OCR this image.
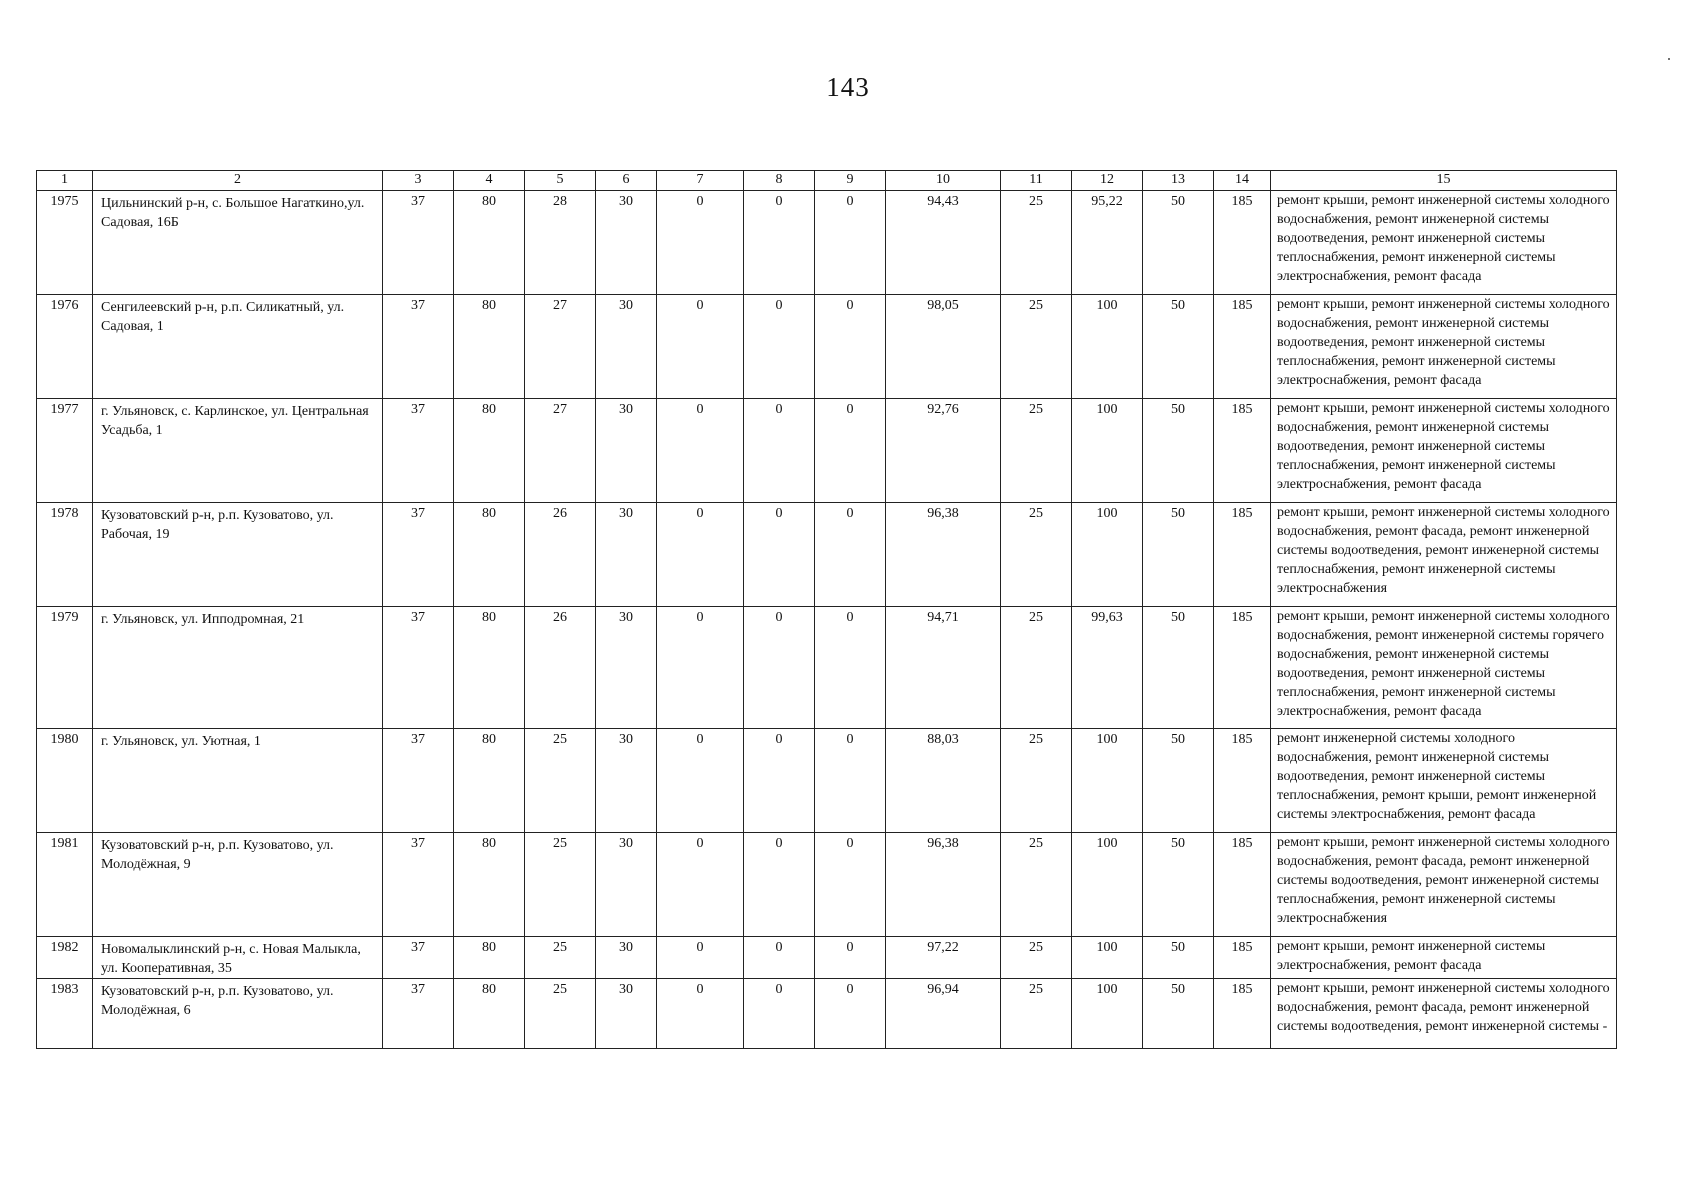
143
1	2	3	4	5	6	7	8	9	10	11	12	13	14	15
1975	Цильнинский р-н, с. Большое Нагаткино,ул. Садовая, 16Б	37	80	28	30	0	0	0	94,43	25	95,22	50	185	ремонт крыши, ремонт инженерной системы холодного водоснабжения, ремонт инженерной системы водоотведения, ремонт инженерной системы теплоснабжения, ремонт инженерной системы электроснабжения, ремонт фасада
1976	Сенгилеевский р-н, р.п. Силикатный, ул. Садовая, 1	37	80	27	30	0	0	0	98,05	25	100	50	185	ремонт крыши, ремонт инженерной системы холодного водоснабжения, ремонт инженерной системы водоотведения, ремонт инженерной системы теплоснабжения, ремонт инженерной системы электроснабжения, ремонт фасада
1977	г. Ульяновск, с. Карлинское, ул. Центральная Усадьба, 1	37	80	27	30	0	0	0	92,76	25	100	50	185	ремонт крыши, ремонт инженерной системы холодного водоснабжения, ремонт инженерной системы водоотведения, ремонт инженерной системы теплоснабжения, ремонт инженерной системы электроснабжения, ремонт фасада
1978	Кузоватовский р-н, р.п. Кузоватово, ул. Рабочая, 19	37	80	26	30	0	0	0	96,38	25	100	50	185	ремонт крыши, ремонт инженерной системы холодного водоснабжения, ремонт фасада, ремонт инженерной системы водоотведения, ремонт инженерной системы теплоснабжения, ремонт инженерной системы электроснабжения
1979	г. Ульяновск, ул. Ипподромная, 21	37	80	26	30	0	0	0	94,71	25	99,63	50	185	ремонт крыши, ремонт инженерной системы холодного водоснабжения, ремонт инженерной системы горячего водоснабжения, ремонт инженерной системы водоотведения, ремонт инженерной системы теплоснабжения, ремонт инженерной системы электроснабжения, ремонт фасада
1980	г. Ульяновск, ул. Уютная, 1	37	80	25	30	0	0	0	88,03	25	100	50	185	ремонт инженерной системы холодного водоснабжения, ремонт инженерной системы водоотведения, ремонт инженерной системы теплоснабжения, ремонт крыши, ремонт инженерной системы электроснабжения, ремонт фасада
1981	Кузоватовский р-н, р.п. Кузоватово, ул. Молодёжная, 9	37	80	25	30	0	0	0	96,38	25	100	50	185	ремонт крыши, ремонт инженерной системы холодного водоснабжения, ремонт фасада, ремонт инженерной системы водоотведения, ремонт инженерной системы теплоснабжения, ремонт инженерной системы электроснабжения
1982	Новомалыклинский р-н, с. Новая Малыкла, ул. Кооперативная, 35	37	80	25	30	0	0	0	97,22	25	100	50	185	ремонт крыши, ремонт инженерной системы электроснабжения, ремонт фасада
1983	Кузоватовский р-н, р.п. Кузоватово, ул. Молодёжная, 6	37	80	25	30	0	0	0	96,94	25	100	50	185	ремонт крыши, ремонт инженерной системы холодного водоснабжения, ремонт фасада, ремонт инженерной системы водоотведения, ремонт инженерной системы -
